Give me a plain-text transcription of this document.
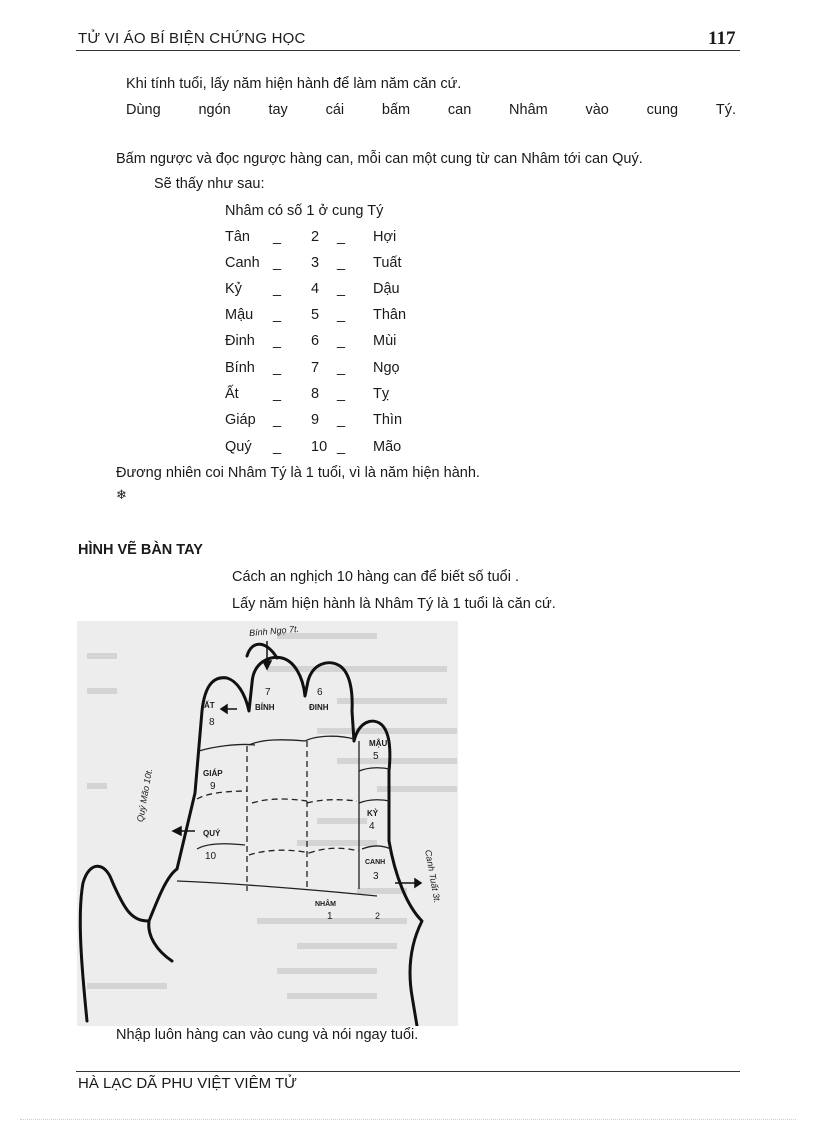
TỬ VI ÁO BÍ BIỆN CHỨNG HỌC	117
Khi tính tuổi, lấy năm hiện hành để làm năm căn cứ.
Dùng	ngón	tay	cái	bấm	can	Nhâm	vào	cung	Tý.
Bấm ngược và đọc ngược hàng can, mỗi can một cung từ can Nhâm tới can Quý.
Sẽ thấy như sau:
Nhâm có số 1 ở cung Tý
Tân _ 2 _ Hợi
Canh _ 3 _ Tuất
Kỷ _ 4 _ Dậu
Mậu _ 5 _ Thân
Đinh _ 6 _ Mùi
Bính _ 7 _ Ngọ
Ất _ 8 _ Tỵ
Giáp _ 9 _ Thìn
Quý _ 10 _ Mão
Đương nhiên coi Nhâm Tý là 1 tuổi, vì là năm hiện hành.
❄
HÌNH VẼ BÀN TAY
Cách an nghịch 10 hàng can để biết số tuổi .
Lấy năm hiện hành là Nhâm Tý là 1 tuổi là căn cứ.
Bính Ngọ 7t.
7
BÍNH
6
ĐINH
ẤT
8
GIÁP
9
QUÝ
10
Quý Mão 10t.
MẬU
5
KỶ
4
CANH
3
NHÂM
1	2
Canh Tuất 3t.
Nhập luôn hàng can vào cung và nói ngay tuổi.
HÀ LẠC DÃ PHU VIỆT VIÊM TỬ
